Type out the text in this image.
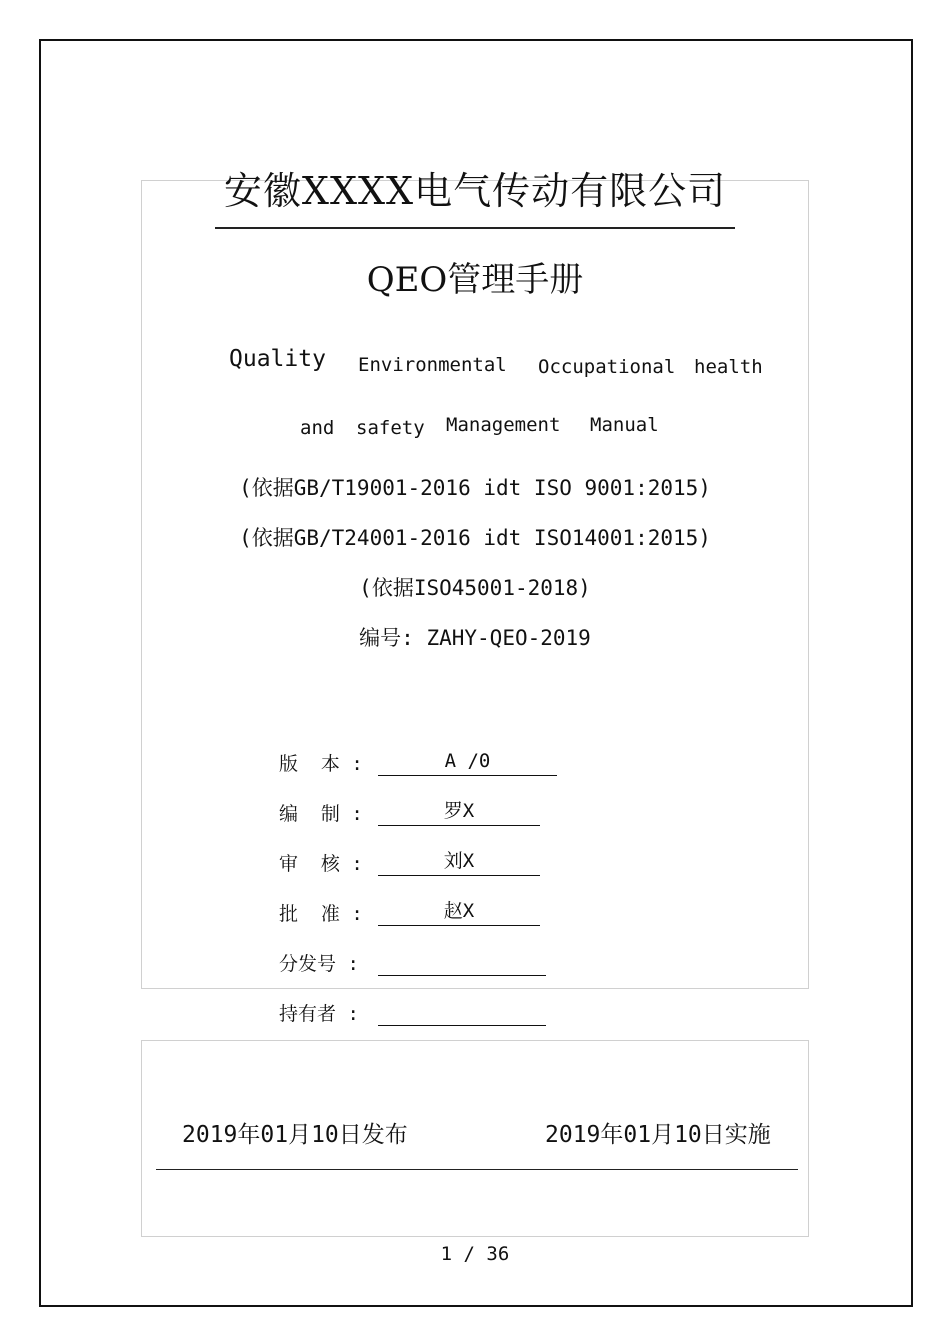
安徽XXXX电气传动有限公司
QEO管理手册
Quality Environmental Occupational health
and safety Management Manual
(依据GB/T19001-2016 idt ISO 9001:2015)
(依据GB/T24001-2016 idt ISO14001:2015)
(依据ISO45001-2018)
编号: ZAHY-QEO-2019
版  本 :	A /0
编  制 :	罗X
审  核 :	刘X
批  准 :	赵X
分发号 :
持有者 :
2019年01月10日发布	2019年01月10日实施
1 / 36
